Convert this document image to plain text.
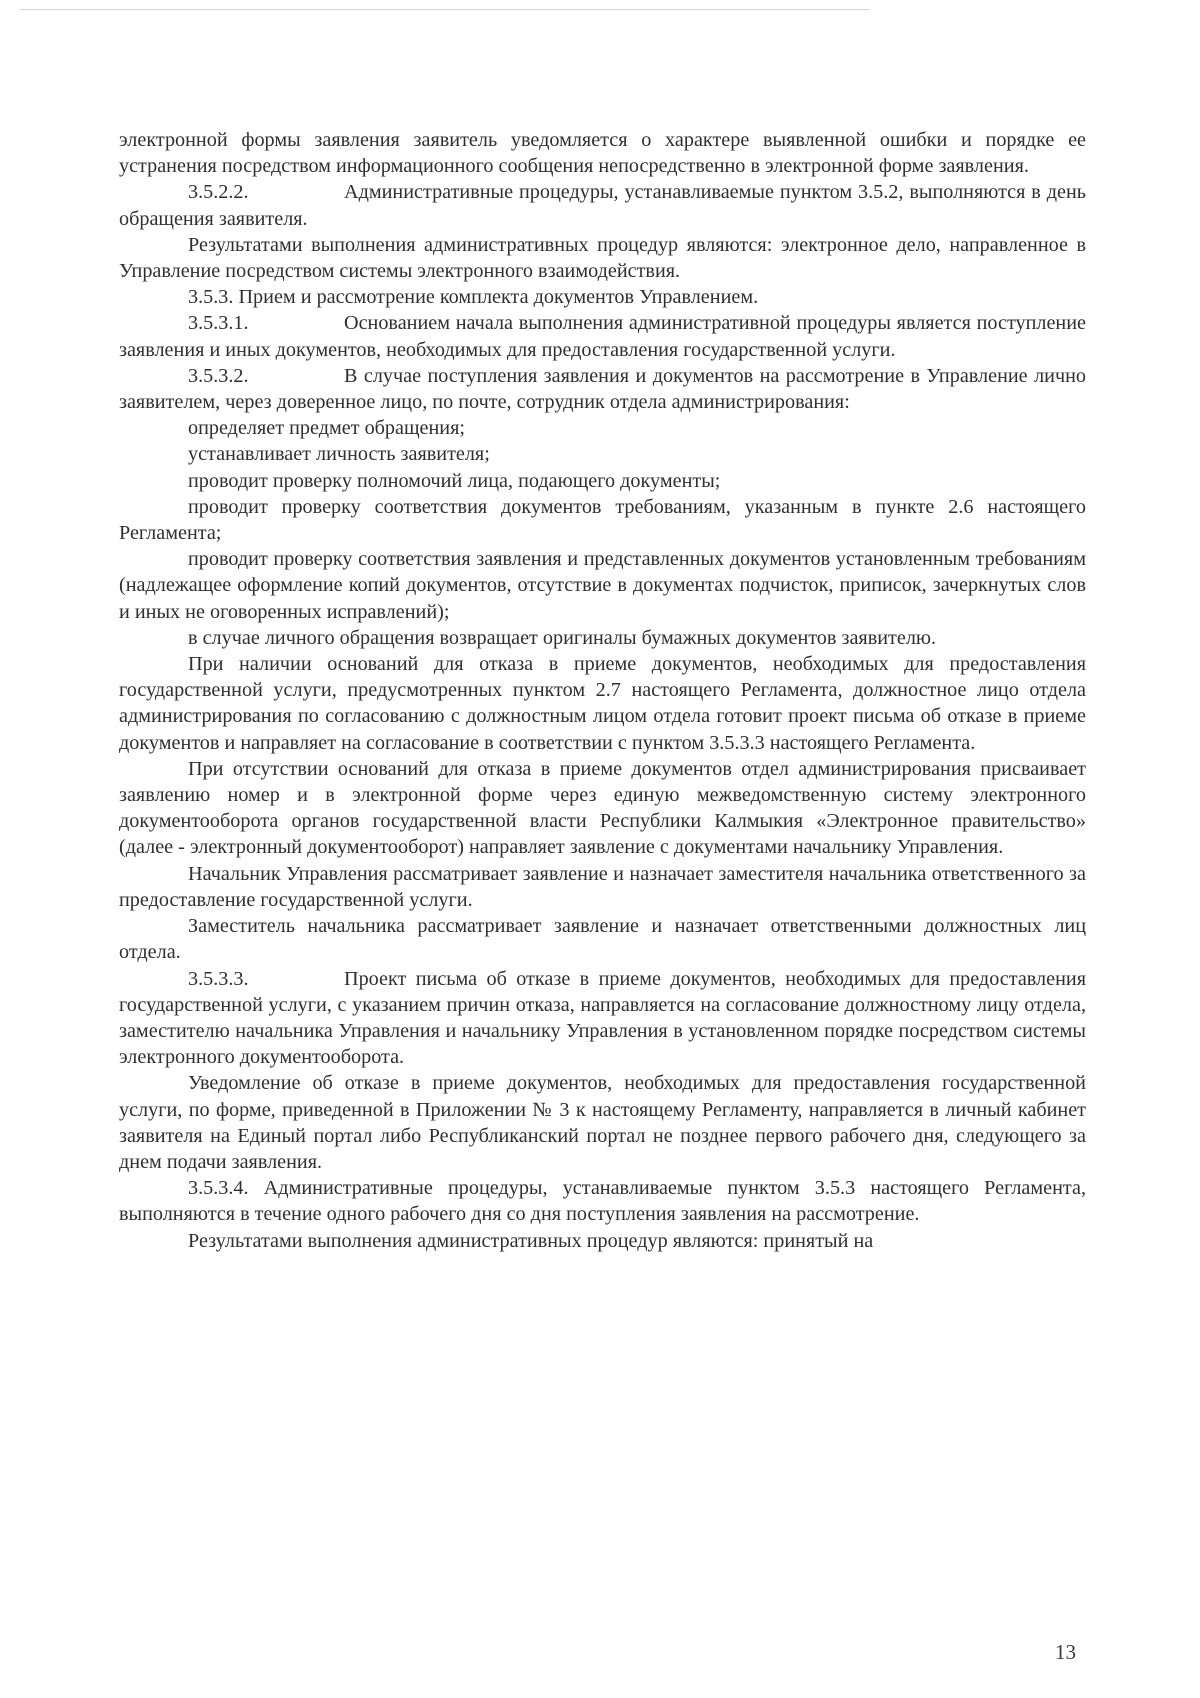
электронной формы заявления заявитель уведомляется о характере выявленной ошибки и порядке ее устранения посредством информационного сообщения непосредственно в электронной форме заявления.

3.5.2.2.	Административные процедуры, устанавливаемые пунктом 3.5.2, выполняются в день обращения заявителя.

Результатами выполнения административных процедур являются: электронное дело, направленное в Управление посредством системы электронного взаимодействия.

3.5.3. Прием и рассмотрение комплекта документов Управлением.

3.5.3.1.	Основанием начала выполнения административной процедуры является поступление заявления и иных документов, необходимых для предоставления государственной услуги.

3.5.3.2.	В случае поступления заявления и документов на рассмотрение в Управление лично заявителем, через доверенное лицо, по почте, сотрудник отдела администрирования:

определяет предмет обращения;

устанавливает личность заявителя;

проводит проверку полномочий лица, подающего документы;

проводит проверку соответствия документов требованиям, указанным в пункте 2.6 настоящего Регламента;

проводит проверку соответствия заявления и представленных документов установленным требованиям (надлежащее оформление копий документов, отсутствие в документах подчисток, приписок, зачеркнутых слов и иных не оговоренных исправлений);

в случае личного обращения возвращает оригиналы бумажных документов заявителю.

При наличии оснований для отказа в приеме документов, необходимых для предоставления государственной услуги, предусмотренных пунктом 2.7 настоящего Регламента, должностное лицо отдела администрирования по согласованию с должностным лицом отдела готовит проект письма об отказе в приеме документов и направляет на согласование в соответствии с пунктом 3.5.3.3 настоящего Регламента.

При отсутствии оснований для отказа в приеме документов отдел администрирования присваивает заявлению номер и в электронной форме через единую межведомственную систему электронного документооборота органов государственной власти Республики Калмыкия «Электронное правительство» (далее - электронный документооборот) направляет заявление с документами начальнику Управления.

Начальник Управления рассматривает заявление и назначает заместителя начальника ответственного за предоставление государственной услуги.

Заместитель начальника рассматривает заявление и назначает ответственными должностных лиц отдела.

3.5.3.3.	Проект письма об отказе в приеме документов, необходимых для предоставления государственной услуги, с указанием причин отказа, направляется на согласование должностному лицу отдела, заместителю начальника Управления и начальнику Управления в установленном порядке посредством системы электронного документооборота.

Уведомление об отказе в приеме документов, необходимых для предоставления государственной услуги, по форме, приведенной в Приложении № 3 к настоящему Регламенту, направляется в личный кабинет заявителя на Единый портал либо Республиканский портал не позднее первого рабочего дня, следующего за днем подачи заявления.

3.5.3.4. Административные процедуры, устанавливаемые пунктом 3.5.3 настоящего Регламента, выполняются в течение одного рабочего дня со дня поступления заявления на рассмотрение.

Результатами выполнения административных процедур являются: принятый на

13
